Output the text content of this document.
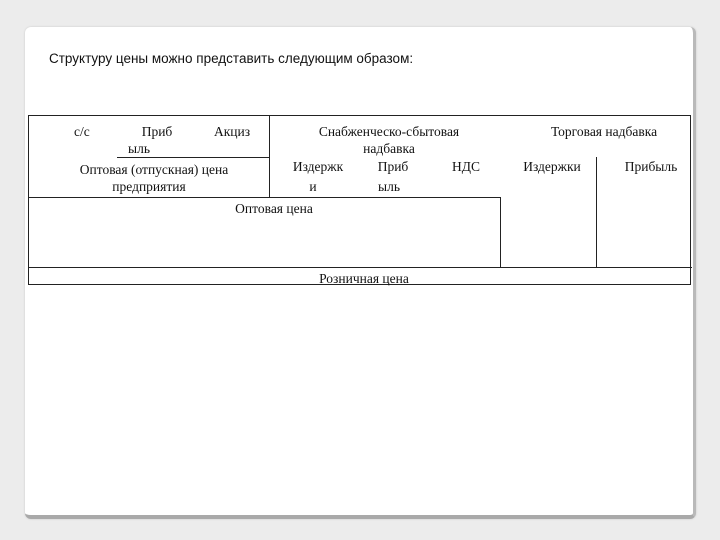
Структуру цены можно представить следующим образом:
с/с	Приб
ыль
Акциз
Оптовая (отпускная) цена
предприятия
Снабженческо-сбытовая
надбавка
Издержк
и
Приб
ыль
НДС
Оптовая цена
Торговая надбавка
Издержки	Прибыль
Розничная цена
